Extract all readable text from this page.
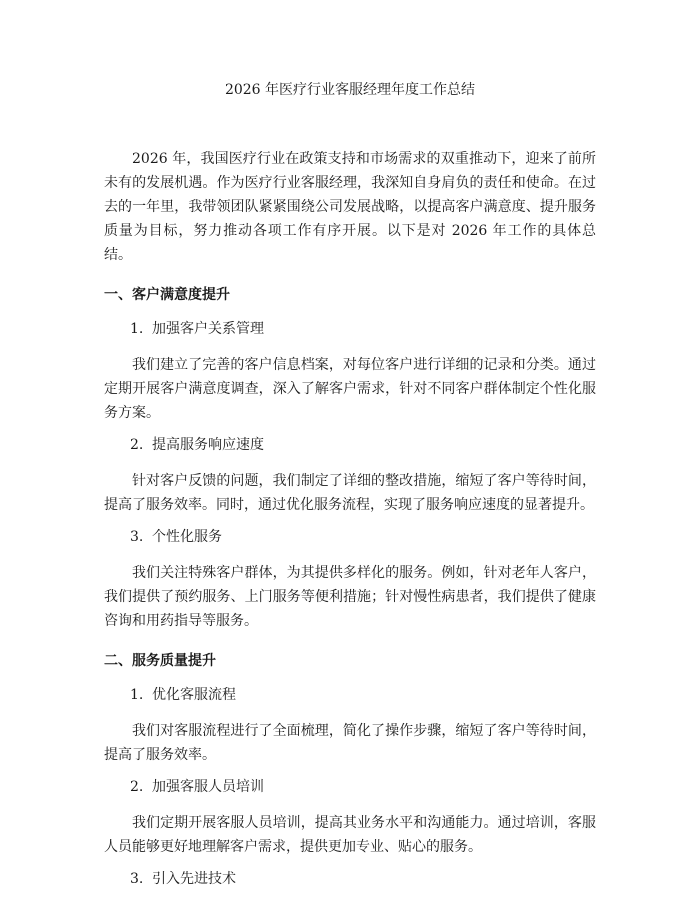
2026 年医疗行业客服经理年度工作总结

2026 年，我国医疗行业在政策支持和市场需求的双重推动下，迎来了前所未有的发展机遇。作为医疗行业客服经理，我深知自身肩负的责任和使命。在过去的一年里，我带领团队紧紧围绕公司发展战略，以提高客户满意度、提升服务质量为目标，努力推动各项工作有序开展。以下是对 2026 年工作的具体总结。

一、客户满意度提升
1. 加强客户关系管理

我们建立了完善的客户信息档案，对每位客户进行详细的记录和分类。通过定期开展客户满意度调查，深入了解客户需求，针对不同客户群体制定个性化服务方案。

2. 提高服务响应速度

针对客户反馈的问题，我们制定了详细的整改措施，缩短了客户等待时间，提高了服务效率。同时，通过优化服务流程，实现了服务响应速度的显著提升。

3. 个性化服务

我们关注特殊客户群体，为其提供多样化的服务。例如，针对老年人客户，我们提供了预约服务、上门服务等便利措施；针对慢性病患者，我们提供了健康咨询和用药指导等服务。

二、服务质量提升
1. 优化客服流程

我们对客服流程进行了全面梳理，简化了操作步骤，缩短了客户等待时间，提高了服务效率。

2. 加强客服人员培训

我们定期开展客服人员培训，提高其业务水平和沟通能力。通过培训，客服人员能够更好地理解客户需求，提供更加专业、贴心的服务。

3. 引入先进技术
